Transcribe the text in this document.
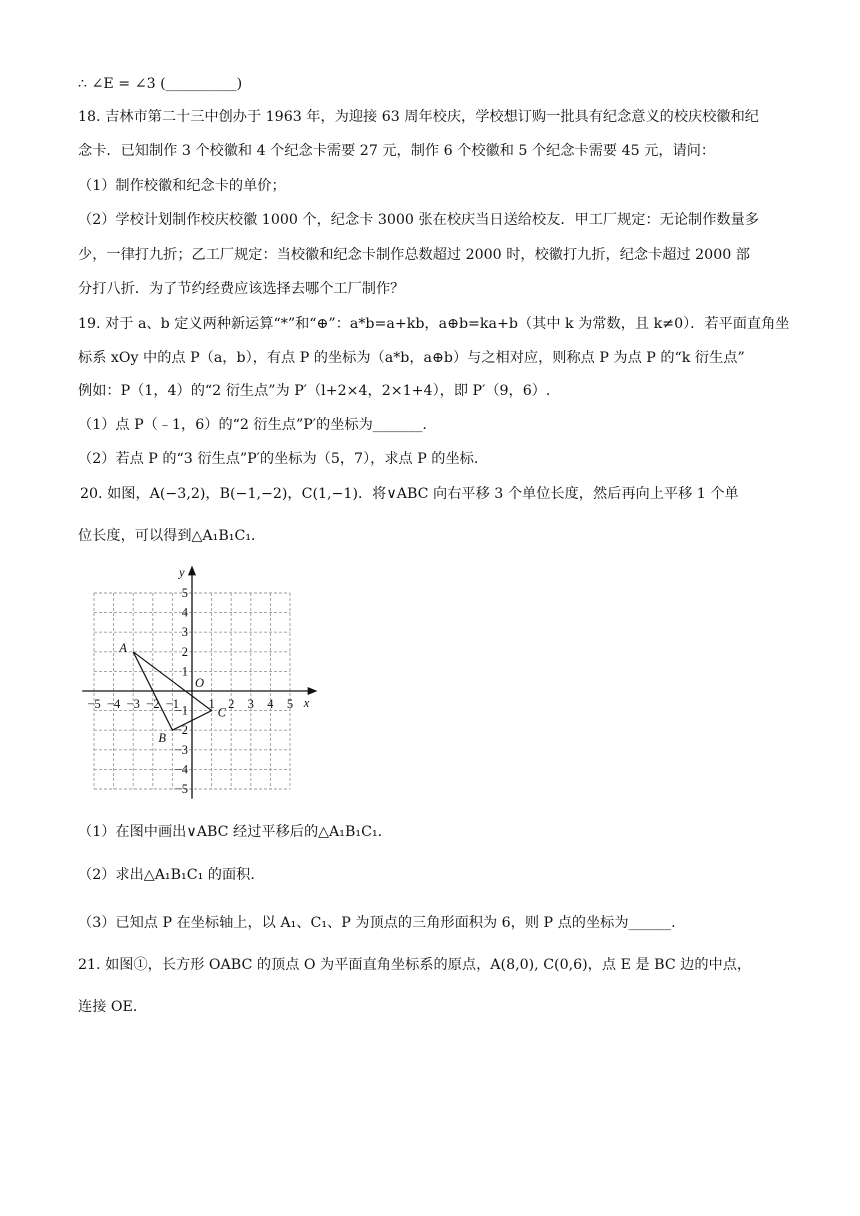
∴ ∠E = ∠3 (__________)
18. 吉林市第二十三中创办于 1963 年，为迎接 63 周年校庆，学校想订购一批具有纪念意义的校庆校徽和纪
念卡．已知制作 3 个校徽和 4 个纪念卡需要 27 元，制作 6 个校徽和 5 个纪念卡需要 45 元，请问：
（1）制作校徽和纪念卡的单价；
（2）学校计划制作校庆校徽 1000 个，纪念卡 3000 张在校庆当日送给校友．甲工厂规定：无论制作数量多
少，一律打九折；乙工厂规定：当校徽和纪念卡制作总数超过 2000 时，校徽打九折，纪念卡超过 2000 部
分打八折．为了节约经费应该选择去哪个工厂制作？
19. 对于 a、b 定义两种新运算“*”和“⊕”：a*b=a+kb，a⊕b=ka+b（其中 k 为常数，且 k≠0）．若平面直角坐
标系 xOy 中的点 P（a，b），有点 P 的坐标为（a*b，a⊕b）与之相对应，则称点 P 为点 P 的“k 衍生点”
例如：P（1，4）的“2 衍生点”为 P′（l+2×4，2×1+4），即 P′（9，6）.
（1）点 P（﹣1，6）的“2 衍生点”P′的坐标为_______.
（2）若点 P 的“3 衍生点”P′的坐标为（5，7），求点 P 的坐标.
20. 如图，A(−3,2)，B(−1,−2)，C(1,−1)．将∨ABC 向右平移 3 个单位长度，然后再向上平移 1 个单
位长度，可以得到△A₁B₁C₁．
x
y
O
−5 −4 −3 −2 −1 1 2 3 4 5
5
4
3
2
1
−1
−2
−3
−4
−5
A
B
C
（1）在图中画出∨ABC 经过平移后的△A₁B₁C₁．
（2）求出△A₁B₁C₁ 的面积.
（3）已知点 P 在坐标轴上，以 A₁、C₁、P 为顶点的三角形面积为 6，则 P 点的坐标为______.
21. 如图①，长方形 OABC 的顶点 O 为平面直角坐标系的原点，A(8,0), C(0,6)，点 E 是 BC 边的中点，
连接 OE．
